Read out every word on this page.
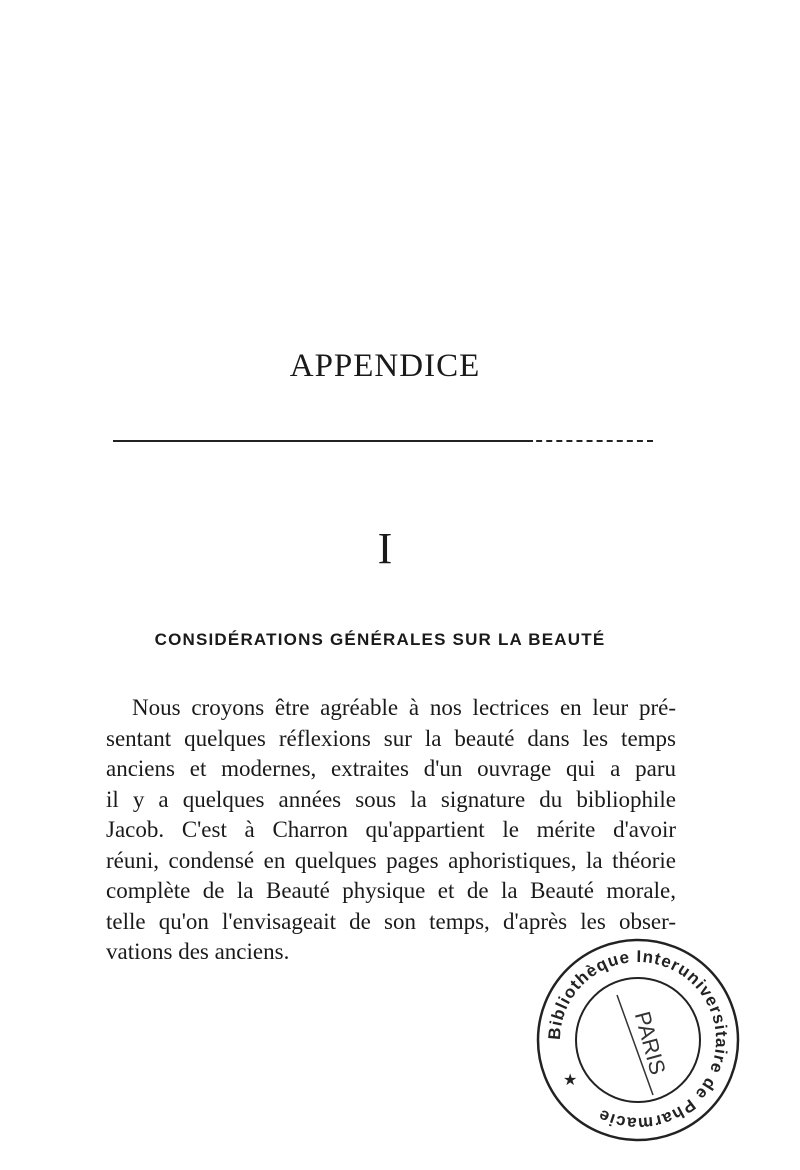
APPENDICE
I
CONSIDÉRATIONS GÉNÉRALES SUR LA BEAUTÉ

Nous croyons être agréable à nos lectrices en leur pré-
sentant quelques réflexions sur la beauté dans les temps
anciens et modernes, extraites d'un ouvrage qui a paru
il y a quelques années sous la signature du bibliophile
Jacob. C'est à Charron qu'appartient le mérite d'avoir
réuni, condensé en quelques pages aphoristiques, la théorie
complète de la Beauté physique et de la Beauté morale,
telle qu'on l'envisageait de son temps, d'après les obser-
vations des anciens.

Bibliothèque Interuniversitaire de Pharmacie
PARIS
★
